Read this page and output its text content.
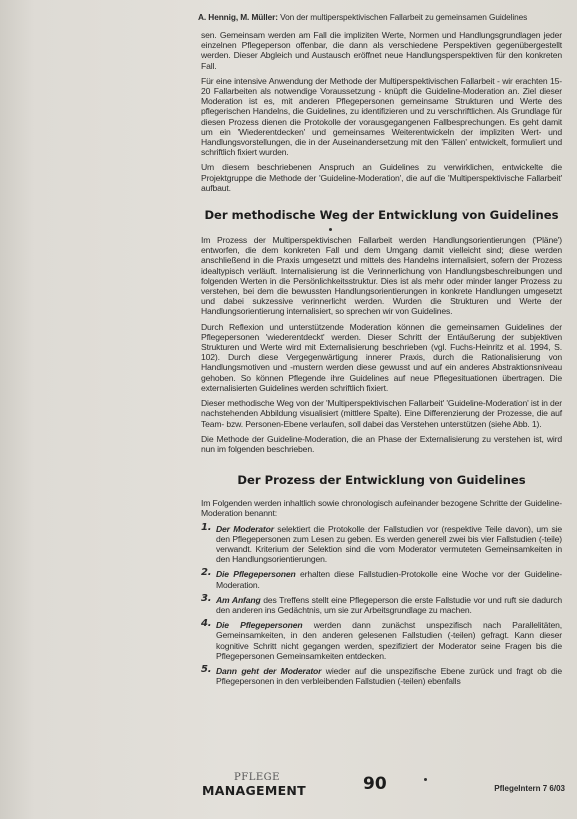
A. Hennig, M. Müller: Von der multiperspektivischen Fallarbeit zu gemeinsamen Guidelines

sen. Gemeinsam werden am Fall die impliziten Werte, Normen und Handlungsgrundlagen jeder einzelnen Pflegeperson offenbar, die dann als verschiedene Perspektiven gegenübergestellt werden. Dieser Abgleich und Austausch eröffnet neue Handlungsperspektiven für den konkreten Fall.

Für eine intensive Anwendung der Methode der Multiperspektivischen Fallarbeit - wir erachten 15-20 Fallarbeiten als notwendige Voraussetzung - knüpft die Guideline-Moderation an. Ziel dieser Moderation ist es, mit anderen Pflegepersonen gemeinsame Strukturen und Werte des pflegerischen Handelns, die Guidelines, zu identifizieren und zu verschriftlichen. Als Grundlage für diesen Prozess dienen die Protokolle der vorausgegangenen Fallbesprechungen. Es geht damit um ein 'Wiederentdecken' und gemeinsames Weiterentwickeln der impliziten Wert- und Handlungsvorstellungen, die in der Auseinandersetzung mit den 'Fällen' entwickelt, formuliert und schriftlich fixiert wurden.

Um diesem beschriebenen Anspruch an Guidelines zu verwirklichen, entwickelte die Projektgruppe die Methode der 'Guideline-Moderation', die auf die 'Multiperspektivische Fallarbeit' aufbaut.

Der methodische Weg der Entwicklung von Guidelines

Im Prozess der Multiperspektivischen Fallarbeit werden Handlungsorientierungen ('Pläne') entworfen, die dem konkreten Fall und dem Umgang damit vielleicht sind; diese werden anschließend in die Praxis umgesetzt und mittels des Handelns internalisiert, sofern der Prozess idealtypisch verläuft. Internalisierung ist die Verinnerlichung von Handlungsbeschreibungen und folgenden Werten in die Persönlichkeitsstruktur. Dies ist als mehr oder minder langer Prozess zu verstehen, bei dem die bewussten Handlungsorientierungen in konkrete Handlungen umgesetzt und dabei sukzessive verinnerlicht werden. Wurden die Strukturen und Werte der Handlungsorientierung internalisiert, so sprechen wir von Guidelines.

Durch Reflexion und unterstützende Moderation können die gemeinsamen Guidelines der Pflegepersonen 'wiederentdeckt' werden. Dieser Schritt der Entäußerung der subjektiven Strukturen und Werte wird mit Externalisierung beschrieben (vgl. Fuchs-Heinritz et al. 1994, S. 102). Durch diese Vergegenwärtigung innerer Praxis, durch die Rationalisierung von Handlungsmotiven und -mustern werden diese gewusst und auf ein anderes Abstraktionsniveau gehoben. So können Pflegende ihre Guidelines auf neue Pflegesituationen übertragen. Die externalisierten Guidelines werden schriftlich fixiert.

Dieser methodische Weg von der 'Multiperspektivischen Fallarbeit' 'Guideline-Moderation' ist in der nachstehenden Abbildung visualisiert (mittlere Spalte). Eine Differenzierung der Prozesse, die auf Team- bzw. Personen-Ebene verlaufen, soll dabei das Verstehen unterstützen (siehe Abb. 1).

Die Methode der Guideline-Moderation, die an Phase der Externalisierung zu verstehen ist, wird nun im folgenden beschrieben.

Der Prozess der Entwicklung von Guidelines

Im Folgenden werden inhaltlich sowie chronologisch aufeinander bezogene Schritte der Guideline-Moderation benannt:

1. Der Moderator selektiert die Protokolle der Fallstudien vor (respektive Teile davon), um sie den Pflegepersonen zum Lesen zu geben. Es werden generell zwei bis vier Fallstudien (-teile) verwandt. Kriterium der Selektion sind die vom Moderator vermuteten Gemeinsamkeiten in den Handlungsorientierungen.
2. Die Pflegepersonen erhalten diese Fallstudien-Protokolle eine Woche vor der Guideline-Moderation.
3. Am Anfang des Treffens stellt eine Pflegeperson die erste Fallstudie vor und ruft sie dadurch den anderen ins Gedächtnis, um sie zur Arbeitsgrundlage zu machen.
4. Die Pflegepersonen werden dann zunächst unspezifisch nach Parallelitäten, Gemeinsamkeiten, in den anderen gelesenen Fallstudien (-teilen) gefragt. Kann dieser kognitive Schritt nicht gegangen werden, spezifiziert der Moderator seine Fragen bis die Pflegepersonen Gemeinsamkeiten entdecken.
5. Dann geht der Moderator wieder auf die unspezifische Ebene zurück und fragt ob die Pflegepersonen in den verbleibenden Fallstudien (-teilen) ebenfalls
PFLEGE
MANAGEMENT	90	PflegeIntern 7 6/03
